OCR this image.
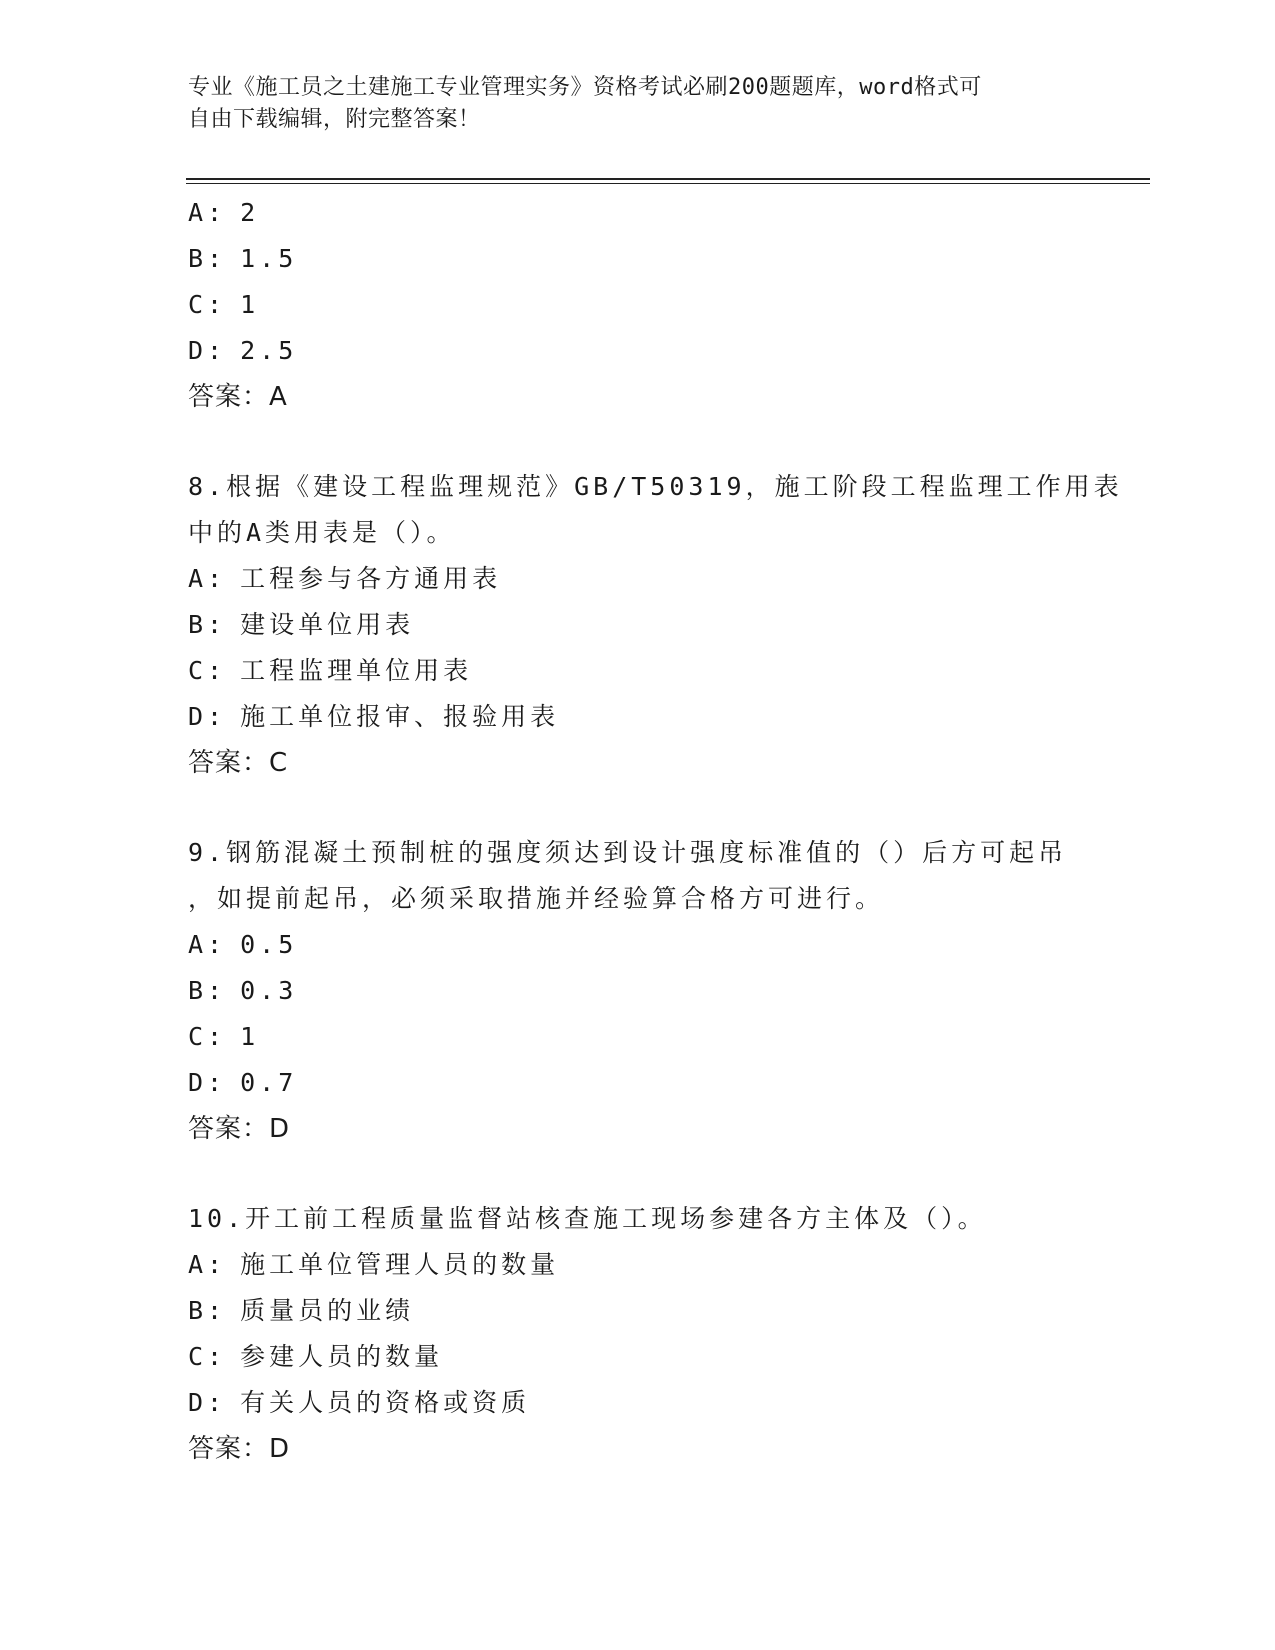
专业《施工员之土建施工专业管理实务》资格考试必刷200题题库，word格式可
自由下载编辑，附完整答案！
A: 2
B: 1.5
C: 1
D: 2.5
答案：A
8.根据《建设工程监理规范》GB/T50319，施工阶段工程监理工作用表
中的A类用表是（）。
A: 工程参与各方通用表
B: 建设单位用表
C: 工程监理单位用表
D: 施工单位报审、报验用表
答案：C
9.钢筋混凝土预制桩的强度须达到设计强度标准值的（）后方可起吊
，如提前起吊，必须采取措施并经验算合格方可进行。
A: 0.5
B: 0.3
C: 1
D: 0.7
答案：D
10.开工前工程质量监督站核查施工现场参建各方主体及（）。
A: 施工单位管理人员的数量
B: 质量员的业绩
C: 参建人员的数量
D: 有关人员的资格或资质
答案：D
